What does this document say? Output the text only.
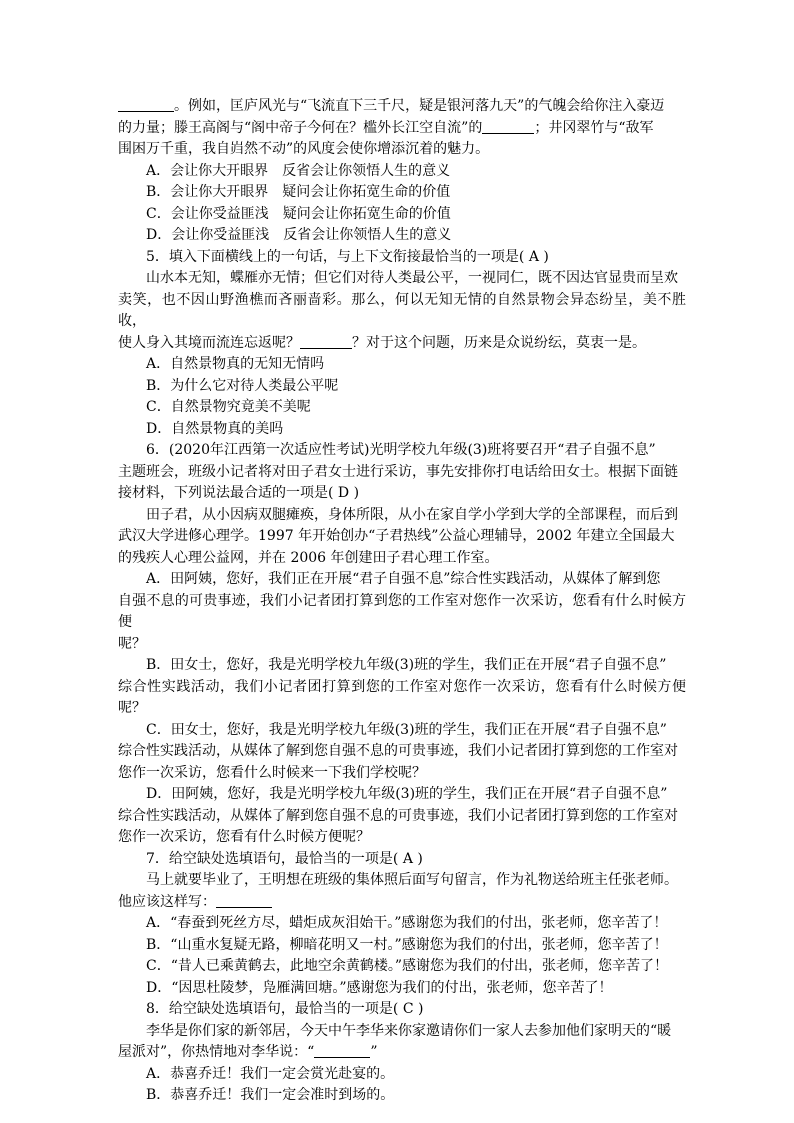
。例如，匡庐风光与“飞流直下三千尺，疑是银河落九天”的气魄会给你注入豪迈

的力量；滕王高阁与“阁中帝子今何在？槛外长江空自流”的	；井冈翠竹与“敌军

围困万千重，我自岿然不动”的风度会使你增添沉着的魅力。

A．会让你大开眼界　反省会让你领悟人生的意义

B．会让你大开眼界　疑问会让你拓宽生命的价值

C．会让你受益匪浅　疑问会让你拓宽生命的价值

D．会让你受益匪浅　反省会让你领悟人生的意义

5．填入下面横线上的一句话，与上下文衔接最恰当的一项是( A )

山水本无知，蝶雁亦无情；但它们对待人类最公平，一视同仁，既不因达官显贵而呈欢

卖笑，也不因山野渔樵而吝丽啬彩。那么，何以无知无情的自然景物会异态纷呈，美不胜收，

使人身入其境而流连忘返呢？	？对于这个问题，历来是众说纷纭，莫衷一是。

A．自然景物真的无知无情吗

B．为什么它对待人类最公平呢

C．自然景物究竟美不美呢

D．自然景物真的美吗

6．(2020年江西第一次适应性考试)光明学校九年级(3)班将要召开“君子自强不息”

主题班会，班级小记者将对田子君女士进行采访，事先安排你打电话给田女士。根据下面链

接材料，下列说法最合适的一项是( D )

田子君，从小因病双腿瘫痪，身体所限，从小在家自学小学到大学的全部课程，而后到

武汉大学进修心理学。1997 年开始创办“子君热线”公益心理辅导，2002 年建立全国最大

的残疾人心理公益网，并在 2006 年创建田子君心理工作室。

A．田阿姨，您好，我们正在开展“君子自强不息”综合性实践活动，从媒体了解到您

自强不息的可贵事迹，我们小记者团打算到您的工作室对您作一次采访，您看有什么时候方便

呢？

B．田女士，您好，我是光明学校九年级(3)班的学生，我们正在开展“君子自强不息”

综合性实践活动，我们小记者团打算到您的工作室对您作一次采访，您看有什么时候方便呢？

C．田女士，您好，我是光明学校九年级(3)班的学生，我们正在开展“君子自强不息”

综合性实践活动，从媒体了解到您自强不息的可贵事迹，我们小记者团打算到您的工作室对

您作一次采访，您看什么时候来一下我们学校呢？

D．田阿姨，您好，我是光明学校九年级(3)班的学生，我们正在开展“君子自强不息”

综合性实践活动，从媒体了解到您自强不息的可贵事迹，我们小记者团打算到您的工作室对

您作一次采访，您看有什么时候方便呢？

7．给空缺处选填语句，最恰当的一项是( A )

马上就要毕业了，王明想在班级的集体照后面写句留言，作为礼物送给班主任张老师。

他应该这样写：

A．“春蚕到死丝方尽，蜡炬成灰泪始干。”感谢您为我们的付出，张老师，您辛苦了！

B．“山重水复疑无路，柳暗花明又一村。”感谢您为我们的付出，张老师，您辛苦了！

C．“昔人已乘黄鹤去，此地空余黄鹤楼。”感谢您为我们的付出，张老师，您辛苦了！

D．“因思杜陵梦，凫雁满回塘。”感谢您为我们的付出，张老师，您辛苦了！

8．给空缺处选填语句，最恰当的一项是( C )

李华是你们家的新邻居，今天中午李华来你家邀请你们一家人去参加他们家明天的“暖

屋派对”，你热情地对李华说：“	”

A．恭喜乔迁！我们一定会赏光赴宴的。

B．恭喜乔迁！我们一定会准时到场的。
